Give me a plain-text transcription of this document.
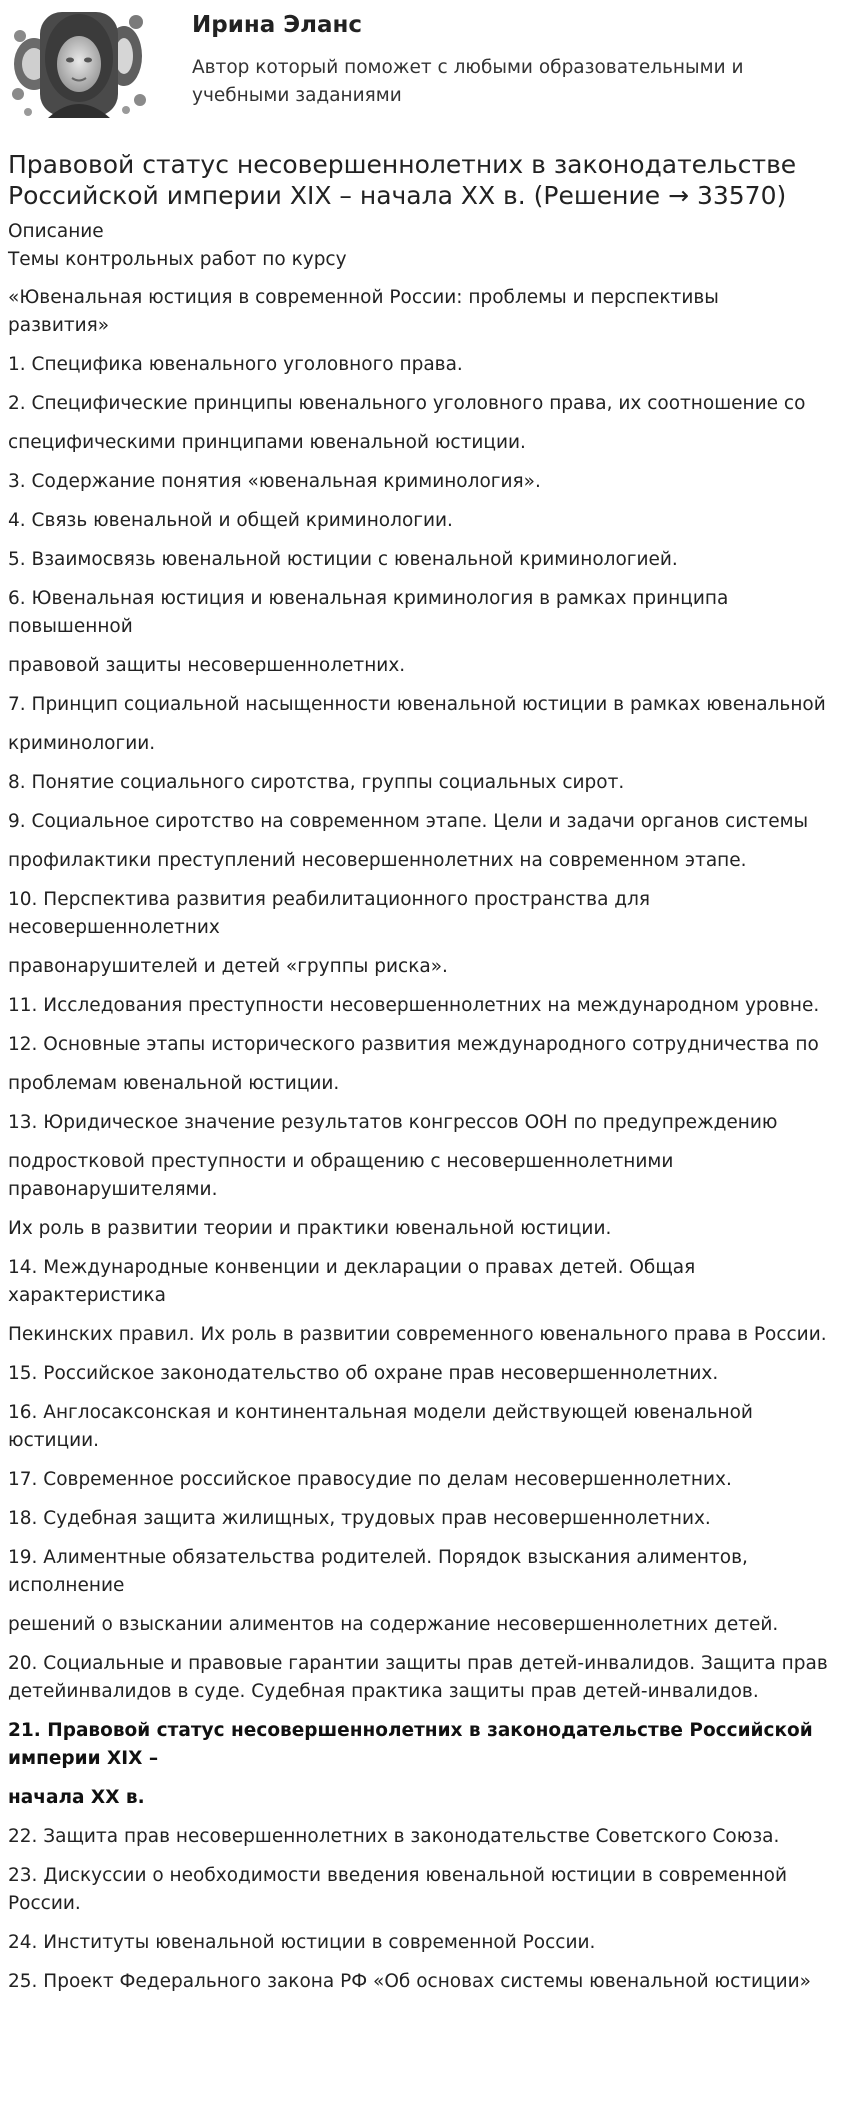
Ирина Эланс
Автор который поможет с любыми образовательными и учебными заданиями
Правовой статус несовершеннолетних в законодательстве Российской империи XIX – начала XX в. (Решение → 33570)
Описание
Темы контрольных работ по курсу
«Ювенальная юстиция в современной России: проблемы и перспективы развития»

1. Специфика ювенального уголовного права.

2. Специфические принципы ювенального уголовного права, их соотношение со

специфическими принципами ювенальной юстиции.

3. Содержание понятия «ювенальная криминология».

4. Связь ювенальной и общей криминологии.

5. Взаимосвязь ювенальной юстиции с ювенальной криминологией.

6. Ювенальная юстиция и ювенальная криминология в рамках принципа повышенной

правовой защиты несовершеннолетних.

7. Принцип социальной насыщенности ювенальной юстиции в рамках ювенальной

криминологии.

8. Понятие социального сиротства, группы социальных сирот.

9. Социальное сиротство на современном этапе. Цели и задачи органов системы

профилактики преступлений несовершеннолетних на современном этапе.

10. Перспектива развития реабилитационного пространства для несовершеннолетних

правонарушителей и детей «группы риска».

11. Исследования преступности несовершеннолетних на международном уровне.

12. Основные этапы исторического развития международного сотрудничества по

проблемам ювенальной юстиции.

13. Юридическое значение результатов конгрессов ООН по предупреждению

подростковой преступности и обращению с несовершеннолетними правонарушителями.

Их роль в развитии теории и практики ювенальной юстиции.

14. Международные конвенции и декларации о правах детей. Общая характеристика

Пекинских правил. Их роль в развитии современного ювенального права в России.

15. Российское законодательство об охране прав несовершеннолетних.

16. Англосаксонская и континентальная модели действующей ювенальной юстиции.

17. Современное российское правосудие по делам несовершеннолетних.

18. Судебная защита жилищных, трудовых прав несовершеннолетних.

19. Алиментные обязательства родителей. Порядок взыскания алиментов, исполнение

решений о взыскании алиментов на содержание несовершеннолетних детей.

20. Социальные и правовые гарантии защиты прав детей-инвалидов. Защита прав детейинвалидов в суде. Судебная практика защиты прав детей-инвалидов.

21. Правовой статус несовершеннолетних в законодательстве Российской империи XIX –

начала XX в.

22. Защита прав несовершеннолетних в законодательстве Советского Союза.

23. Дискуссии о необходимости введения ювенальной юстиции в современной России.

24. Институты ювенальной юстиции в современной России.

25. Проект Федерального закона РФ «Об основах системы ювенальной юстиции»
